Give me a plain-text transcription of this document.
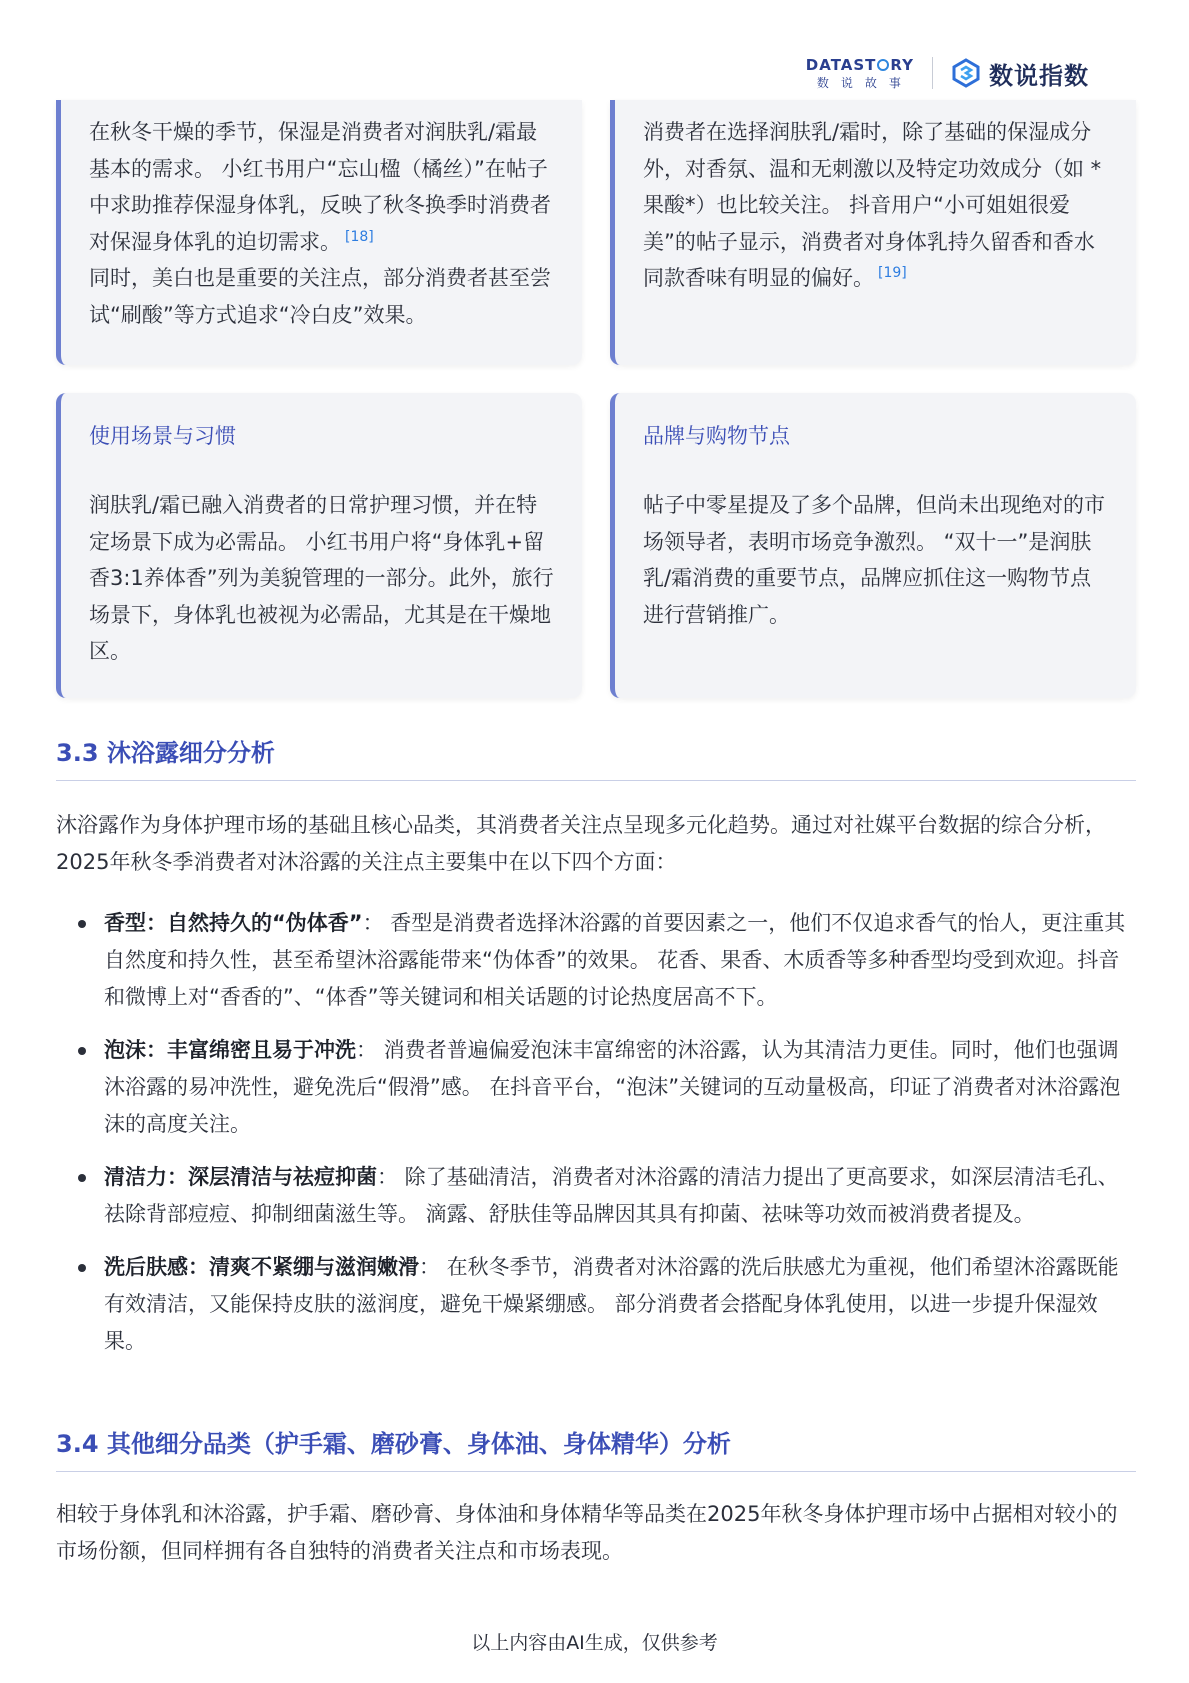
DATAST RY
数说故事	数说指数
在秋冬干燥的季节，保湿是消费者对润肤乳/霜最基本的需求。 小红书用户“忘山楹（橘丝）”在帖子中求助推荐保湿身体乳，反映了秋冬换季时消费者对保湿身体乳的迫切需求。 [18]
同时，美白也是重要的关注点，部分消费者甚至尝试“刷酸”等方式追求“冷白皮”效果。
消费者在选择润肤乳/霜时，除了基础的保湿成分外，对香氛、温和无刺激以及特定功效成分（如 *果酸*）也比较关注。 抖音用户“小可姐姐很爱美”的帖子显示，消费者对身体乳持久留香和香水同款香味有明显的偏好。 [19]
使用场景与习惯
润肤乳/霜已融入消费者的日常护理习惯，并在特定场景下成为必需品。 小红书用户将“身体乳+留香3:1养体香”列为美貌管理的一部分。此外，旅行场景下，身体乳也被视为必需品，尤其是在干燥地区。
品牌与购物节点
帖子中零星提及了多个品牌，但尚未出现绝对的市场领导者，表明市场竞争激烈。 “双十一”是润肤乳/霜消费的重要节点，品牌应抓住这一购物节点进行营销推广。
3.3 沐浴露细分分析
沐浴露作为身体护理市场的基础且核心品类，其消费者关注点呈现多元化趋势。通过对社媒平台数据的综合分析，2025年秋冬季消费者对沐浴露的关注点主要集中在以下四个方面：
香型：自然持久的“伪体香”： 香型是消费者选择沐浴露的首要因素之一，他们不仅追求香气的怡人，更注重其自然度和持久性，甚至希望沐浴露能带来“伪体香”的效果。 花香、果香、木质香等多种香型均受到欢迎。抖音和微博上对“香香的”、“体香”等关键词和相关话题的讨论热度居高不下。
泡沫：丰富绵密且易于冲洗： 消费者普遍偏爱泡沫丰富绵密的沐浴露，认为其清洁力更佳。同时，他们也强调沐浴露的易冲洗性，避免洗后“假滑”感。 在抖音平台，“泡沫”关键词的互动量极高，印证了消费者对沐浴露泡沫的高度关注。
清洁力：深层清洁与祛痘抑菌： 除了基础清洁，消费者对沐浴露的清洁力提出了更高要求，如深层清洁毛孔、祛除背部痘痘、抑制细菌滋生等。 滴露、舒肤佳等品牌因其具有抑菌、祛味等功效而被消费者提及。
洗后肤感：清爽不紧绷与滋润嫩滑： 在秋冬季节，消费者对沐浴露的洗后肤感尤为重视，他们希望沐浴露既能有效清洁，又能保持皮肤的滋润度，避免干燥紧绷感。 部分消费者会搭配身体乳使用，以进一步提升保湿效果。
3.4 其他细分品类（护手霜、磨砂膏、身体油、身体精华）分析
相较于身体乳和沐浴露，护手霜、磨砂膏、身体油和身体精华等品类在2025年秋冬身体护理市场中占据相对较小的市场份额，但同样拥有各自独特的消费者关注点和市场表现。
以上内容由AI生成，仅供参考
